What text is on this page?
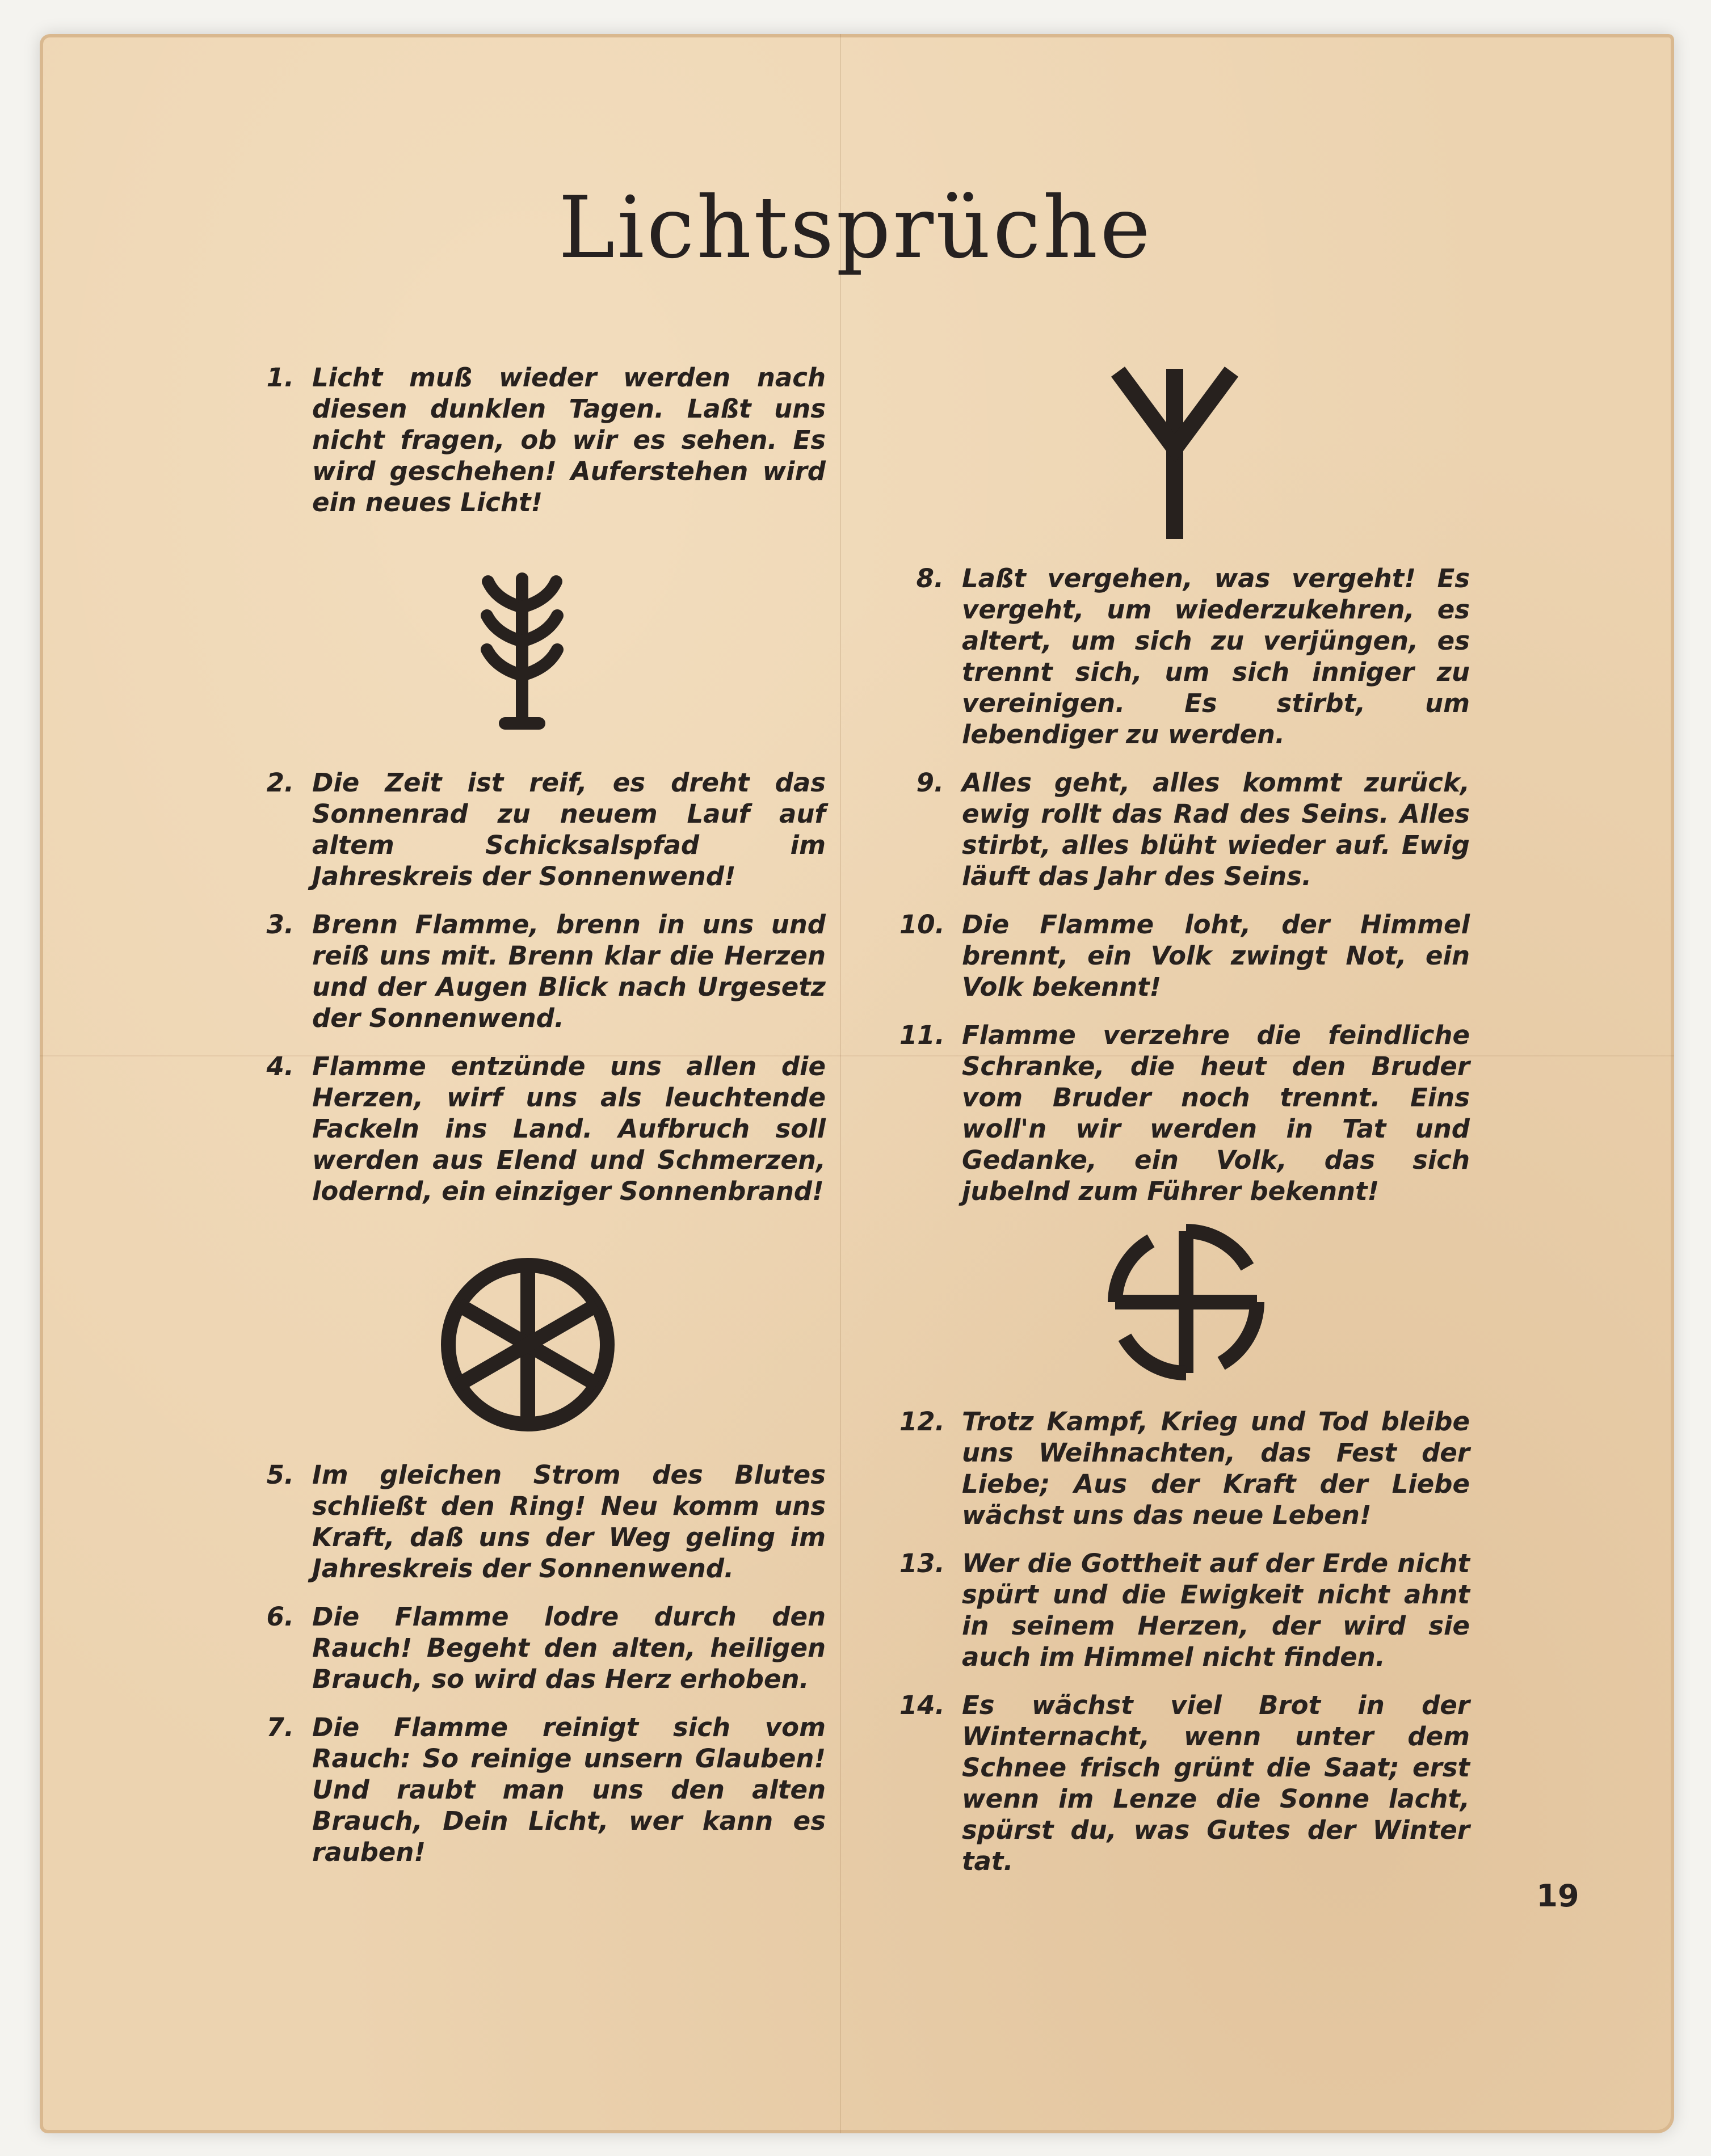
Lichtsprüche
1. Licht muß wieder werden nach diesen dunklen Tagen. Laßt uns nicht fragen, ob wir es sehen. Es wird geschehen! Auferstehen wird ein neues Licht!
2. Die Zeit ist reif, es dreht das Sonnenrad zu neuem Lauf auf altem Schicksalspfad im Jahreskreis der Sonnenwend!
3. Brenn Flamme, brenn in uns und reiß uns mit. Brenn klar die Herzen und der Augen Blick nach Urgesetz der Sonnenwend.
4. Flamme entzünde uns allen die Herzen, wirf uns als leuchtende Fackeln ins Land. Aufbruch soll werden aus Elend und Schmerzen, lodernd, ein einziger Sonnenbrand!
5. Im gleichen Strom des Blutes schließt den Ring! Neu komm uns Kraft, daß uns der Weg geling im Jahreskreis der Sonnenwend.
6. Die Flamme lodre durch den Rauch! Begeht den alten, heiligen Brauch, so wird das Herz erhoben.
7. Die Flamme reinigt sich vom Rauch: So reinige unsern Glauben! Und raubt man uns den alten Brauch, Dein Licht, wer kann es rauben!
8. Laßt vergehen, was vergeht! Es vergeht, um wiederzukehren, es altert, um sich zu verjüngen, es trennt sich, um sich inniger zu vereinigen. Es stirbt, um lebendiger zu werden.
9. Alles geht, alles kommt zurück, ewig rollt das Rad des Seins. Alles stirbt, alles blüht wieder auf. Ewig läuft das Jahr des Seins.
10. Die Flamme loht, der Himmel brennt, ein Volk zwingt Not, ein Volk bekennt!
11. Flamme verzehre die feindliche Schranke, die heut den Bruder vom Bruder noch trennt. Eins woll'n wir werden in Tat und Gedanke, ein Volk, das sich jubelnd zum Führer bekennt!
12. Trotz Kampf, Krieg und Tod bleibe uns Weihnachten, das Fest der Liebe; Aus der Kraft der Liebe wächst uns das neue Leben!
13. Wer die Gottheit auf der Erde nicht spürt und die Ewigkeit nicht ahnt in seinem Herzen, der wird sie auch im Himmel nicht finden.
14. Es wächst viel Brot in der Winternacht, wenn unter dem Schnee frisch grünt die Saat; erst wenn im Lenze die Sonne lacht, spürst du, was Gutes der Winter tat.
19
